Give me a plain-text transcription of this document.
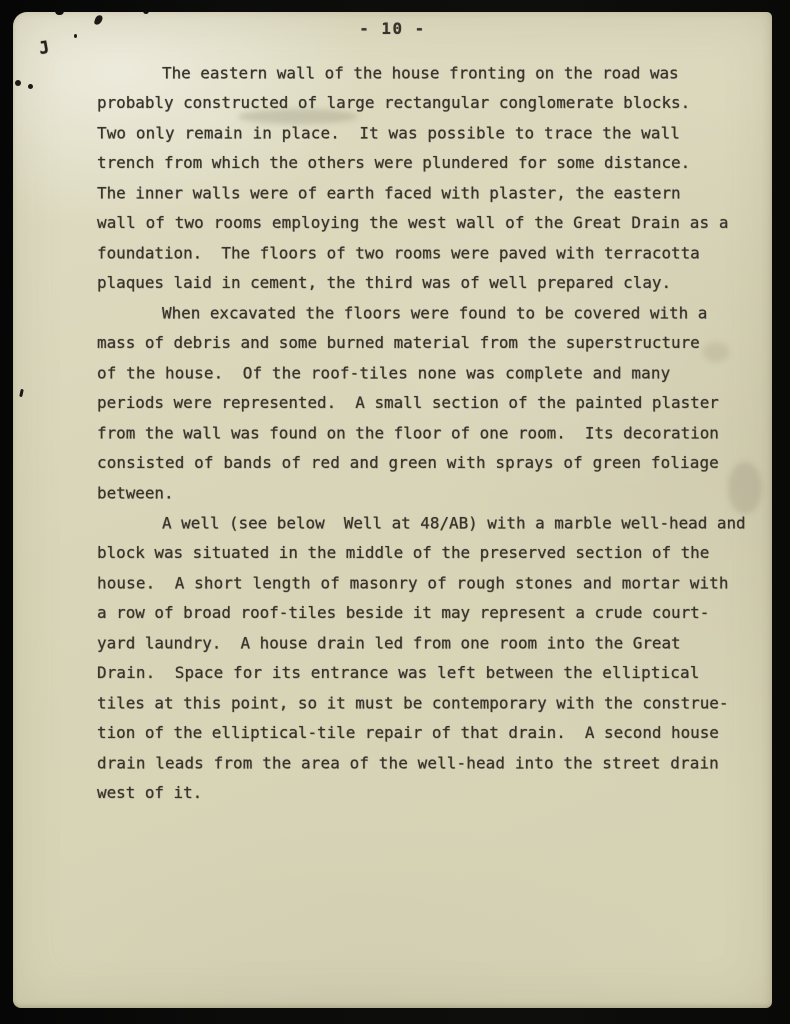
- 10 -
J
The eastern wall of the house fronting on the road was
probably constructed of large rectangular conglomerate blocks.
Two only remain in place.  It was possible to trace the wall
trench from which the others were plundered for some distance.
The inner walls were of earth faced with plaster, the eastern
wall of two rooms employing the west wall of the Great Drain as a
foundation.  The floors of two rooms were paved with terracotta
plaques laid in cement, the third was of well prepared clay.
When excavated the floors were found to be covered with a
mass of debris and some burned material from the superstructure
of the house.  Of the roof-tiles none was complete and many
periods were represented.  A small section of the painted plaster
from the wall was found on the floor of one room.  Its decoration
consisted of bands of red and green with sprays of green foliage
between.
A well (see below  Well at 48/AB) with a marble well-head and
block was situated in the middle of the preserved section of the
house.  A short length of masonry of rough stones and mortar with
a row of broad roof-tiles beside it may represent a crude court-
yard laundry.  A house drain led from one room into the Great
Drain.  Space for its entrance was left between the elliptical
tiles at this point, so it must be contemporary with the construe-
tion of the elliptical-tile repair of that drain.  A second house
drain leads from the area of the well-head into the street drain
west of it.
